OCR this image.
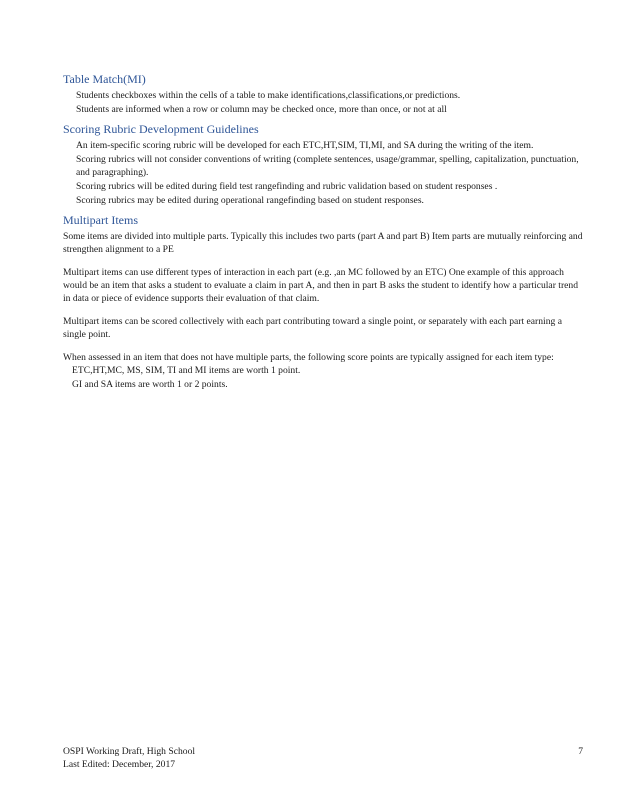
Table Match(MI)
Students checkboxes within the cells of a table to make identifications,classifications,or predictions.
Students are informed when a row or column may be checked once, more than once, or not at all
Scoring Rubric Development Guidelines
An item-specific scoring rubric will be developed for each ETC,HT,SIM, TI,MI, and SA during the writing of the item.
Scoring rubrics will not consider conventions of writing (complete sentences, usage/grammar, spelling, capitalization, punctuation, and paragraphing).
Scoring rubrics will be edited during field test rangefinding and rubric validation based on student responses .
Scoring rubrics may be edited during operational rangefinding based on student responses.
Multipart Items

Some items are divided into multiple parts. Typically this includes two parts (part A and part B) Item parts are mutually reinforcing and strengthen alignment to a PE

Multipart items can use different types of interaction in each part (e.g. ,an MC followed by an ETC) One example of this approach would be an item that asks a student to evaluate a claim in part A, and then in part B asks the student to identify how a particular trend in data or piece of evidence supports their evaluation of that claim.

Multipart items can be scored collectively with each part contributing toward a single point, or separately with each part earning a single point.

When assessed in an item that does not have multiple parts, the following score points are typically assigned for each item type:

ETC,HT,MC, MS, SIM, TI and MI items are worth 1 point.
GI and SA items are worth 1 or 2 points.
OSPI Working Draft, High School
Last Edited: December, 2017
7
